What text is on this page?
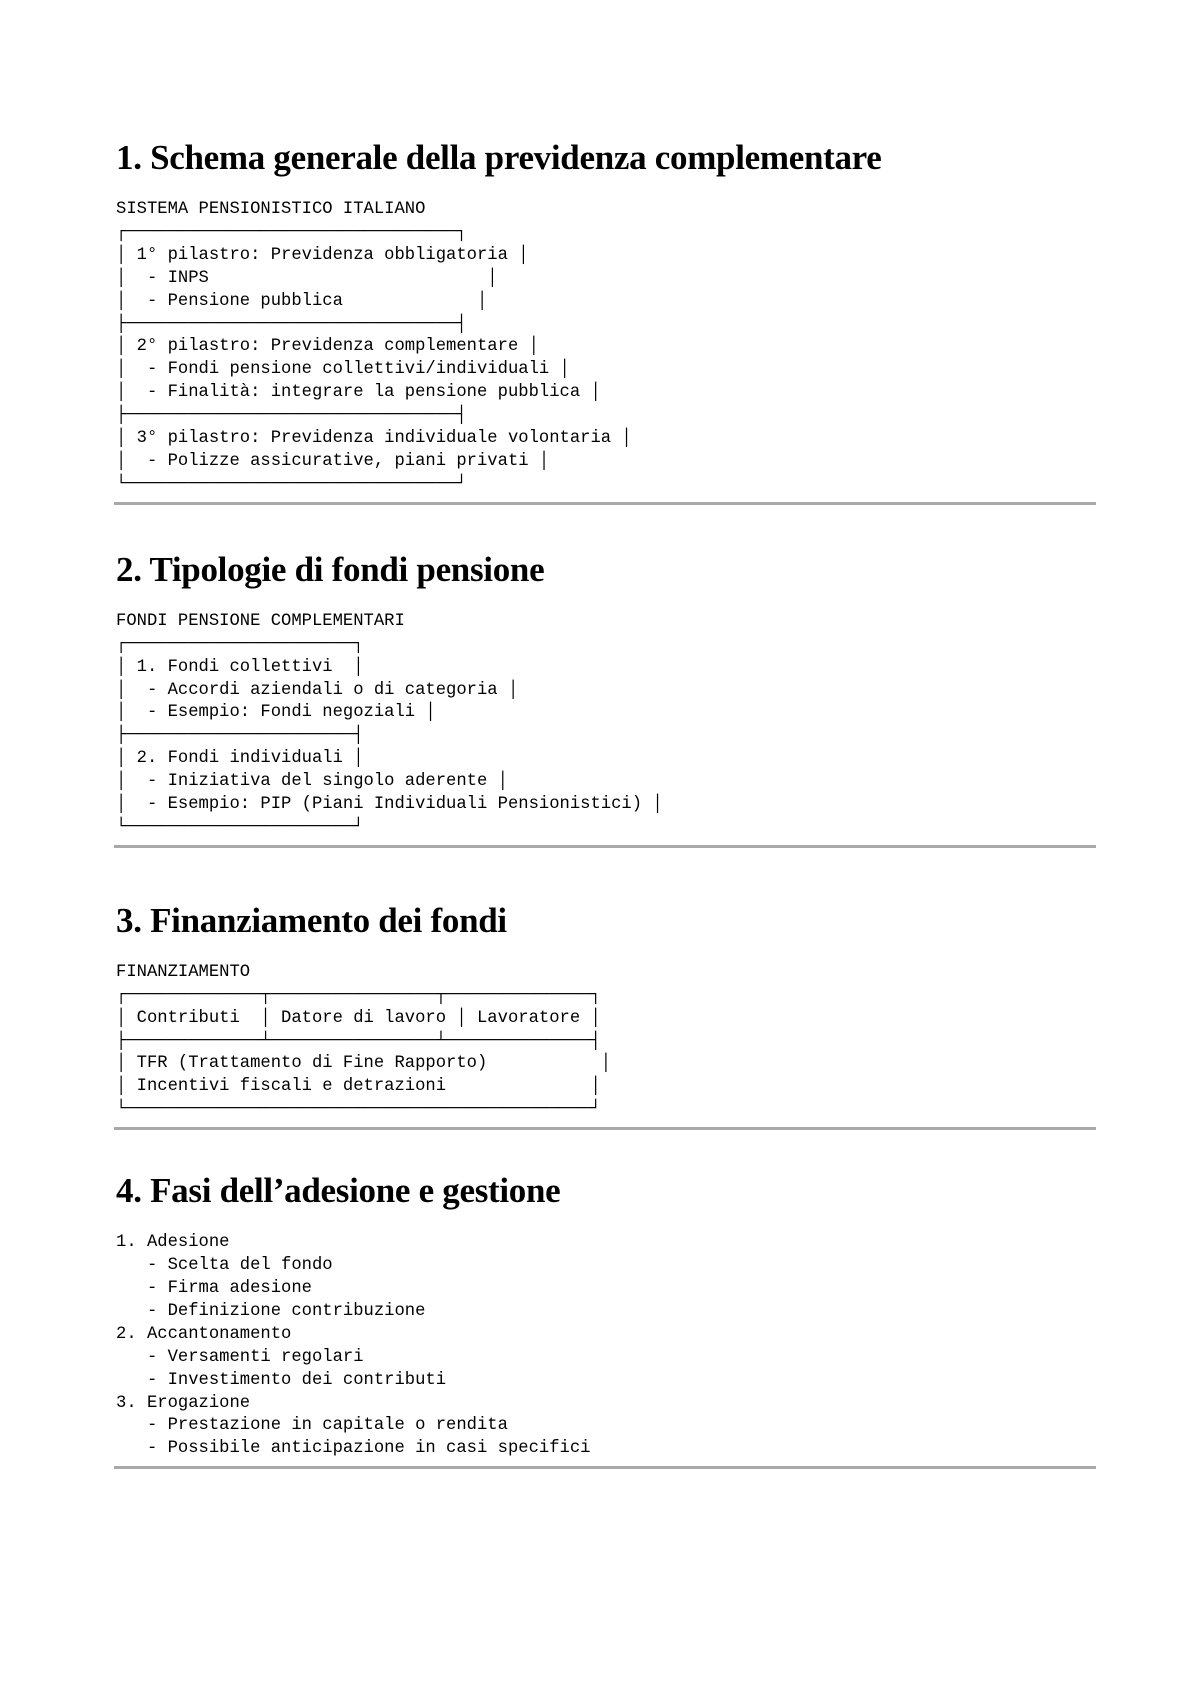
1. Schema generale della previdenza complementare
SISTEMA PENSIONISTICO ITALIANO
┌────────────────────────────────┐
│ 1° pilastro: Previdenza obbligatoria │
│  - INPS                           │
│  - Pensione pubblica             │
├────────────────────────────────┤
│ 2° pilastro: Previdenza complementare │
│  - Fondi pensione collettivi/individuali │
│  - Finalità: integrare la pensione pubblica │
├────────────────────────────────┤
│ 3° pilastro: Previdenza individuale volontaria │
│  - Polizze assicurative, piani privati │
└────────────────────────────────┘
2. Tipologie di fondi pensione
FONDI PENSIONE COMPLEMENTARI
┌──────────────────────┐
│ 1. Fondi collettivi  │
│  - Accordi aziendali o di categoria │
│  - Esempio: Fondi negoziali │
├──────────────────────┤
│ 2. Fondi individuali │
│  - Iniziativa del singolo aderente │
│  - Esempio: PIP (Piani Individuali Pensionistici) │
└──────────────────────┘
3. Finanziamento dei fondi
FINANZIAMENTO
┌─────────────┬────────────────┬──────────────┐
│ Contributi  │ Datore di lavoro │ Lavoratore │
├─────────────┴────────────────┴──────────────┤
│ TFR (Trattamento di Fine Rapporto)           │
│ Incentivi fiscali e detrazioni              │
└─────────────────────────────────────────────┘
4. Fasi dell’adesione e gestione
1. Adesione
- Scelta del fondo
- Firma adesione
- Definizione contribuzione
2. Accantonamento
- Versamenti regolari
- Investimento dei contributi
3. Erogazione
- Prestazione in capitale o rendita
- Possibile anticipazione in casi specifici
